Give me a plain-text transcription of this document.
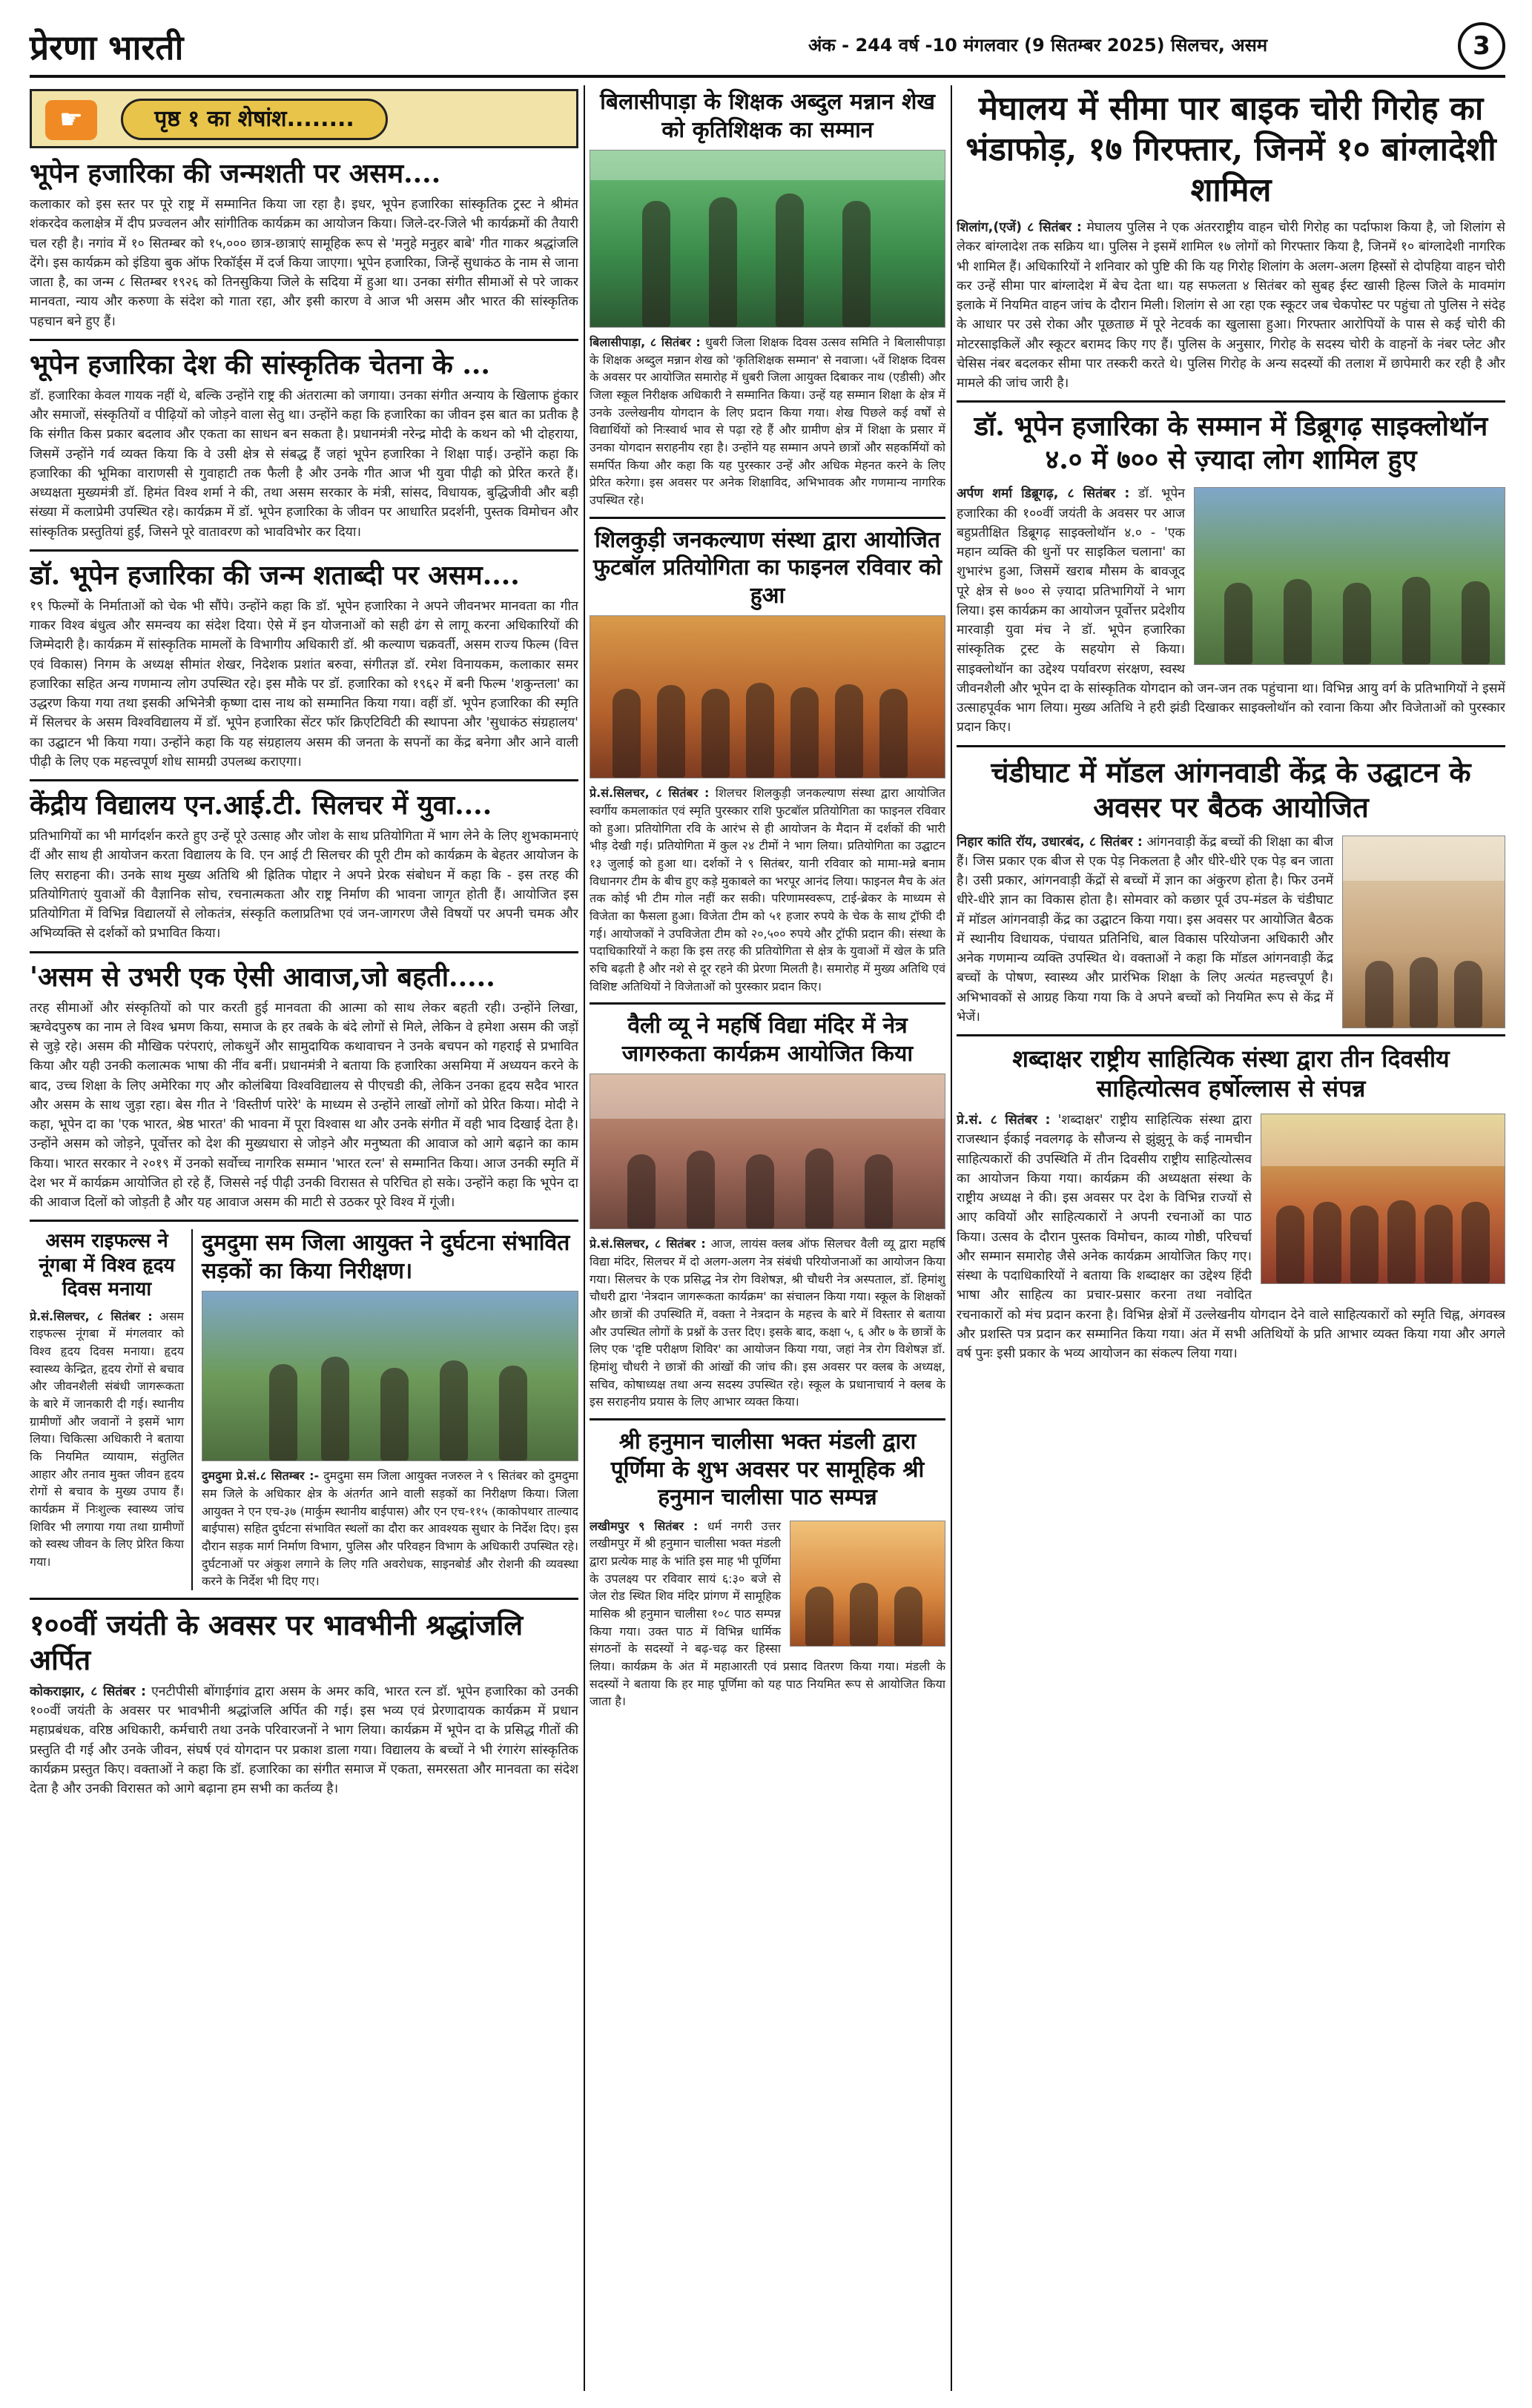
प्रेरणा भारती	अंक - 244 वर्ष -10 मंगलवार (9 सितम्बर 2025) सिलचर, असम	3
☛	पृष्ठ १ का शेषांश........
भूपेन हजारिका की जन्मशती पर असम....

कलाकार को इस स्तर पर पूरे राष्ट्र में सम्मानित किया जा रहा है। इधर, भूपेन हजारिका सांस्कृतिक ट्रस्ट ने श्रीमंत शंकरदेव कलाक्षेत्र में दीप प्रज्वलन और सांगीतिक कार्यक्रम का आयोजन किया। जिले-दर-जिले भी कार्यक्रमों की तैयारी चल रही है। नगांव में १० सितम्बर को १५,००० छात्र-छात्राएं सामूहिक रूप से 'मनुहे मनुहर बाबे' गीत गाकर श्रद्धांजलि देंगे। इस कार्यक्रम को इंडिया बुक ऑफ रिकॉर्ड्स में दर्ज किया जाएगा। भूपेन हजारिका, जिन्हें सुधाकंठ के नाम से जाना जाता है, का जन्म ८ सितम्बर १९२६ को तिनसुकिया जिले के सदिया में हुआ था। उनका संगीत सीमाओं से परे जाकर मानवता, न्याय और करुणा के संदेश को गाता रहा, और इसी कारण वे आज भी असम और भारत की सांस्कृतिक पहचान बने हुए हैं।

भूपेन हजारिका देश की सांस्कृतिक चेतना के ...

डॉ. हजारिका केवल गायक नहीं थे, बल्कि उन्होंने राष्ट्र की अंतरात्मा को जगाया। उनका संगीत अन्याय के खिलाफ हुंकार और समाजों, संस्कृतियों व पीढ़ियों को जोड़ने वाला सेतु था। उन्होंने कहा कि हजारिका का जीवन इस बात का प्रतीक है कि संगीत किस प्रकार बदलाव और एकता का साधन बन सकता है। प्रधानमंत्री नरेन्द्र मोदी के कथन को भी दोहराया, जिसमें उन्होंने गर्व व्यक्त किया कि वे उसी क्षेत्र से संबद्ध हैं जहां भूपेन हजारिका ने शिक्षा पाई। उन्होंने कहा कि हजारिका की भूमिका वाराणसी से गुवाहाटी तक फैली है और उनके गीत आज भी युवा पीढ़ी को प्रेरित करते हैं। अध्यक्षता मुख्यमंत्री डॉ. हिमंत विश्व शर्मा ने की, तथा असम सरकार के मंत्री, सांसद, विधायक, बुद्धिजीवी और बड़ी संख्या में कलाप्रेमी उपस्थित रहे। कार्यक्रम में डॉ. भूपेन हजारिका के जीवन पर आधारित प्रदर्शनी, पुस्तक विमोचन और सांस्कृतिक प्रस्तुतियां हुईं, जिसने पूरे वातावरण को भावविभोर कर दिया।

डॉ. भूपेन हजारिका की जन्म शताब्दी पर असम....

१९ फिल्मों के निर्माताओं को चेक भी सौंपे। उन्होंने कहा कि डॉ. भूपेन हजारिका ने अपने जीवनभर मानवता का गीत गाकर विश्व बंधुत्व और समन्वय का संदेश दिया। ऐसे में इन योजनाओं को सही ढंग से लागू करना अधिकारियों की जिम्मेदारी है। कार्यक्रम में सांस्कृतिक मामलों के विभागीय अधिकारी डॉ. श्री कल्याण चक्रवर्ती, असम राज्य फिल्म (वित्त एवं विकास) निगम के अध्यक्ष सीमांत शेखर, निदेशक प्रशांत बरुवा, संगीतज्ञ डॉ. रमेश विनायकम, कलाकार समर हजारिका सहित अन्य गणमान्य लोग उपस्थित रहे। इस मौके पर डॉ. हजारिका को १९६२ में बनी फिल्म 'शकुन्तला' का उद्धरण किया गया तथा इसकी अभिनेत्री कृष्णा दास नाथ को सम्मानित किया गया। वहीं डॉ. भूपेन हजारिका की स्मृति में सिलचर के असम विश्वविद्यालय में डॉ. भूपेन हजारिका सेंटर फॉर क्रिएटिविटी की स्थापना और 'सुधाकंठ संग्रहालय' का उद्घाटन भी किया गया। उन्होंने कहा कि यह संग्रहालय असम की जनता के सपनों का केंद्र बनेगा और आने वाली पीढ़ी के लिए एक महत्त्वपूर्ण शोध सामग्री उपलब्ध कराएगा।

केंद्रीय विद्यालय एन.आई.टी. सिलचर में युवा....

प्रतिभागियों का भी मार्गदर्शन करते हुए उन्हें पूरे उत्साह और जोश के साथ प्रतियोगिता में भाग लेने के लिए शुभकामनाएं दीं और साथ ही आयोजन करता विद्यालय के वि. एन आई टी सिलचर की पूरी टीम को कार्यक्रम के बेहतर आयोजन के लिए सराहना की। उनके साथ मुख्य अतिथि श्री ह्रितिक पोद्दार ने अपने प्रेरक संबोधन में कहा कि - इस तरह की प्रतियोगिताएं युवाओं की वैज्ञानिक सोच, रचनात्मकता और राष्ट्र निर्माण की भावना जागृत होती हैं। आयोजित इस प्रतियोगिता में विभिन्न विद्यालयों से लोकतंत्र, संस्कृति कलाप्रतिभा एवं जन-जागरण जैसे विषयों पर अपनी चमक और अभिव्यक्ति से दर्शकों को प्रभावित किया।

'असम से उभरी एक ऐसी आवाज,जो बहती.....

तरह सीमाओं और संस्कृतियों को पार करती हुई मानवता की आत्मा को साथ लेकर बहती रही। उन्होंने लिखा, ऋग्वेदपुरुष का नाम ले विश्व भ्रमण किया, समाज के हर तबके के बंदे लोगों से मिले, लेकिन वे हमेशा असम की जड़ों से जुड़े रहे। असम की मौखिक परंपराएं, लोकधुनें और सामुदायिक कथावाचन ने उनके बचपन को गहराई से प्रभावित किया और यही उनकी कलात्मक भाषा की नींव बनीं। प्रधानमंत्री ने बताया कि हजारिका असमिया में अध्ययन करने के बाद, उच्च शिक्षा के लिए अमेरिका गए और कोलंबिया विश्वविद्यालय से पीएचडी की, लेकिन उनका हृदय सदैव भारत और असम के साथ जुड़ा रहा। बेस गीत ने 'विस्तीर्ण पारेरे' के माध्यम से उन्होंने लाखों लोगों को प्रेरित किया। मोदी ने कहा, भूपेन दा का 'एक भारत, श्रेष्ठ भारत' की भावना में पूरा विश्वास था और उनके संगीत में वही भाव दिखाई देता है। उन्होंने असम को जोड़ने, पूर्वोत्तर को देश की मुख्यधारा से जोड़ने और मनुष्यता की आवाज को आगे बढ़ाने का काम किया। भारत सरकार ने २०१९ में उनको सर्वोच्च नागरिक सम्मान 'भारत रत्न' से सम्मानित किया। आज उनकी स्मृति में देश भर में कार्यक्रम आयोजित हो रहे हैं, जिससे नई पीढ़ी उनकी विरासत से परिचित हो सके। उन्होंने कहा कि भूपेन दा की आवाज दिलों को जोड़ती है और यह आवाज असम की माटी से उठकर पूरे विश्व में गूंजी।

असम राइफल्स ने नूंगबा में विश्व हृदय दिवस मनाया

प्रे.सं.सिलचर, ८ सितंबर : असम राइफल्स नूंगबा में मंगलवार को विश्व हृदय दिवस मनाया। हृदय स्वास्थ्य केन्द्रित, हृदय रोगों से बचाव और जीवनशैली संबंधी जागरूकता के बारे में जानकारी दी गई। स्थानीय ग्रामीणों और जवानों ने इसमें भाग लिया। चिकित्सा अधिकारी ने बताया कि नियमित व्यायाम, संतुलित आहार और तनाव मुक्त जीवन हृदय रोगों से बचाव के मुख्य उपाय हैं। कार्यक्रम में निःशुल्क स्वास्थ्य जांच शिविर भी लगाया गया तथा ग्रामीणों को स्वस्थ जीवन के लिए प्रेरित किया गया।

दुमदुमा सम जिला आयुक्त ने दुर्घटना संभावित सड़कों का किया निरीक्षण।

दुमदुमा प्रे.सं.८ सितम्बर :- दुमदुमा सम जिला आयुक्त नजरुल ने ९ सितंबर को दुमदुमा सम जिले के अधिकार क्षेत्र के अंतर्गत आने वाली सड़कों का निरीक्षण किया। जिला आयुक्त ने एन एच-३७ (मार्कुम स्थानीय बाईपास) और एन एच-११५ (काकोपथार ताल्याद बाईपास) सहित दुर्घटना संभावित स्थलों का दौरा कर आवश्यक सुधार के निर्देश दिए। इस दौरान सड़क मार्ग निर्माण विभाग, पुलिस और परिवहन विभाग के अधिकारी उपस्थित रहे। दुर्घटनाओं पर अंकुश लगाने के लिए गति अवरोधक, साइनबोर्ड और रोशनी की व्यवस्था करने के निर्देश भी दिए गए।

१००वीं जयंती के अवसर पर भावभीनी श्रद्धांजलि अर्पित

कोकराझार, ८ सितंबर : एनटीपीसी बोंगाईगांव द्वारा असम के अमर कवि, भारत रत्न डॉ. भूपेन हजारिका को उनकी १००वीं जयंती के अवसर पर भावभीनी श्रद्धांजलि अर्पित की गई। इस भव्य एवं प्रेरणादायक कार्यक्रम में प्रधान महाप्रबंधक, वरिष्ठ अधिकारी, कर्मचारी तथा उनके परिवारजनों ने भाग लिया। कार्यक्रम में भूपेन दा के प्रसिद्ध गीतों की प्रस्तुति दी गई और उनके जीवन, संघर्ष एवं योगदान पर प्रकाश डाला गया। विद्यालय के बच्चों ने भी रंगारंग सांस्कृतिक कार्यक्रम प्रस्तुत किए। वक्ताओं ने कहा कि डॉ. हजारिका का संगीत समाज में एकता, समरसता और मानवता का संदेश देता है और उनकी विरासत को आगे बढ़ाना हम सभी का कर्तव्य है।

बिलासीपाड़ा के शिक्षक अब्दुल मन्नान शेख को कृतिशिक्षक का सम्मान

बिलासीपाड़ा, ८ सितंबर : धुबरी जिला शिक्षक दिवस उत्सव समिति ने बिलासीपाड़ा के शिक्षक अब्दुल मन्नान शेख को 'कृतिशिक्षक सम्मान' से नवाजा। ५वें शिक्षक दिवस के अवसर पर आयोजित समारोह में धुबरी जिला आयुक्त दिबाकर नाथ (एडीसी) और जिला स्कूल निरीक्षक अधिकारी ने सम्मानित किया। उन्हें यह सम्मान शिक्षा के क्षेत्र में उनके उल्लेखनीय योगदान के लिए प्रदान किया गया। शेख पिछले कई वर्षों से विद्यार्थियों को निःस्वार्थ भाव से पढ़ा रहे हैं और ग्रामीण क्षेत्र में शिक्षा के प्रसार में उनका योगदान सराहनीय रहा है। उन्होंने यह सम्मान अपने छात्रों और सहकर्मियों को समर्पित किया और कहा कि यह पुरस्कार उन्हें और अधिक मेहनत करने के लिए प्रेरित करेगा। इस अवसर पर अनेक शिक्षाविद, अभिभावक और गणमान्य नागरिक उपस्थित रहे।

शिलकुड़ी जनकल्याण संस्था द्वारा आयोजित फुटबॉल प्रतियोगिता का फाइनल रविवार को हुआ

प्रे.सं.सिलचर, ८ सितंबर : शिलचर शिलकुड़ी जनकल्याण संस्था द्वारा आयोजित स्वर्गीय कमलाकांत एवं स्मृति पुरस्कार राशि फुटबॉल प्रतियोगिता का फाइनल रविवार को हुआ। प्रतियोगिता रवि के आरंभ से ही आयोजन के मैदान में दर्शकों की भारी भीड़ देखी गई। प्रतियोगिता में कुल २४ टीमों ने भाग लिया। प्रतियोगिता का उद्घाटन १३ जुलाई को हुआ था। दर्शकों ने ९ सितंबर, यानी रविवार को मामा-मन्ने बनाम विधानगर टीम के बीच हुए कड़े मुकाबले का भरपूर आनंद लिया। फाइनल मैच के अंत तक कोई भी टीम गोल नहीं कर सकी। परिणामस्वरूप, टाई-ब्रेकर के माध्यम से विजेता का फैसला हुआ। विजेता टीम को ५१ हजार रुपये के चेक के साथ ट्रॉफी दी गई। आयोजकों ने उपविजेता टीम को २०,५०० रुपये और ट्रॉफी प्रदान की। संस्था के पदाधिकारियों ने कहा कि इस तरह की प्रतियोगिता से क्षेत्र के युवाओं में खेल के प्रति रुचि बढ़ती है और नशे से दूर रहने की प्रेरणा मिलती है। समारोह में मुख्य अतिथि एवं विशिष्ट अतिथियों ने विजेताओं को पुरस्कार प्रदान किए।

वैली व्यू ने महर्षि विद्या मंदिर में नेत्र जागरुकता कार्यक्रम आयोजित किया

प्रे.सं.सिलचर, ८ सितंबर : आज, लायंस क्लब ऑफ सिलचर वैली व्यू द्वारा महर्षि विद्या मंदिर, सिलचर में दो अलग-अलग नेत्र संबंधी परियोजनाओं का आयोजन किया गया। सिलचर के एक प्रसिद्ध नेत्र रोग विशेषज्ञ, श्री चौधरी नेत्र अस्पताल, डॉ. हिमांशु चौधरी द्वारा 'नेत्रदान जागरूकता कार्यक्रम' का संचालन किया गया। स्कूल के शिक्षकों और छात्रों की उपस्थिति में, वक्ता ने नेत्रदान के महत्त्व के बारे में विस्तार से बताया और उपस्थित लोगों के प्रश्नों के उत्तर दिए। इसके बाद, कक्षा ५, ६ और ७ के छात्रों के लिए एक 'दृष्टि परीक्षण शिविर' का आयोजन किया गया, जहां नेत्र रोग विशेषज्ञ डॉ. हिमांशु चौधरी ने छात्रों की आंखों की जांच की। इस अवसर पर क्लब के अध्यक्ष, सचिव, कोषाध्यक्ष तथा अन्य सदस्य उपस्थित रहे। स्कूल के प्रधानाचार्य ने क्लब के इस सराहनीय प्रयास के लिए आभार व्यक्त किया।

श्री हनुमान चालीसा भक्त मंडली द्वारा पूर्णिमा के शुभ अवसर पर सामूहिक श्री हनुमान चालीसा पाठ सम्पन्न

लखीमपुर ९ सितंबर : धर्म नगरी उत्तर लखीमपुर में श्री हनुमान चालीसा भक्त मंडली द्वारा प्रत्येक माह के भांति इस माह भी पूर्णिमा के उपलक्ष्य पर रविवार सायं ६:३० बजे से जेल रोड स्थित शिव मंदिर प्रांगण में सामूहिक मासिक श्री हनुमान चालीसा १०८ पाठ सम्पन्न किया गया। उक्त पाठ में विभिन्न धार्मिक संगठनों के सदस्यों ने बढ़-चढ़ कर हिस्सा लिया। कार्यक्रम के अंत में महाआरती एवं प्रसाद वितरण किया गया। मंडली के सदस्यों ने बताया कि हर माह पूर्णिमा को यह पाठ नियमित रूप से आयोजित किया जाता है।

मेघालय में सीमा पार बाइक चोरी गिरोह का भंडाफोड़, १७ गिरफ्तार, जिनमें १० बांग्लादेशी शामिल

शिलांग,(एजें) ८ सितंबर : मेघालय पुलिस ने एक अंतरराष्ट्रीय वाहन चोरी गिरोह का पर्दाफाश किया है, जो शिलांग से लेकर बांग्लादेश तक सक्रिय था। पुलिस ने इसमें शामिल १७ लोगों को गिरफ्तार किया है, जिनमें १० बांग्लादेशी नागरिक भी शामिल हैं। अधिकारियों ने शनिवार को पुष्टि की कि यह गिरोह शिलांग के अलग-अलग हिस्सों से दोपहिया वाहन चोरी कर उन्हें सीमा पार बांग्लादेश में बेच देता था। यह सफलता ४ सितंबर को सुबह ईस्ट खासी हिल्स जिले के मावमांग इलाके में नियमित वाहन जांच के दौरान मिली। शिलांग से आ रहा एक स्कूटर जब चेकपोस्ट पर पहुंचा तो पुलिस ने संदेह के आधार पर उसे रोका और पूछताछ में पूरे नेटवर्क का खुलासा हुआ। गिरफ्तार आरोपियों के पास से कई चोरी की मोटरसाइकिलें और स्कूटर बरामद किए गए हैं। पुलिस के अनुसार, गिरोह के सदस्य चोरी के वाहनों के नंबर प्लेट और चेसिस नंबर बदलकर सीमा पार तस्करी करते थे। पुलिस गिरोह के अन्य सदस्यों की तलाश में छापेमारी कर रही है और मामले की जांच जारी है।

डॉ. भूपेन हजारिका के सम्मान में डिब्रूगढ़ साइक्लोथॉन ४.० में ७०० से ज़्यादा लोग शामिल हुए

अर्पण शर्मा डिब्रूगढ़, ८ सितंबर : डॉ. भूपेन हजारिका की १००वीं जयंती के अवसर पर आज बहुप्रतीक्षित डिब्रूगढ़ साइक्लोथॉन ४.० - 'एक महान व्यक्ति की धुनों पर साइकिल चलाना' का शुभारंभ हुआ, जिसमें खराब मौसम के बावजूद पूरे क्षेत्र से ७०० से ज़्यादा प्रतिभागियों ने भाग लिया। इस कार्यक्रम का आयोजन पूर्वोत्तर प्रदेशीय मारवाड़ी युवा मंच ने डॉ. भूपेन हजारिका सांस्कृतिक ट्रस्ट के सहयोग से किया। साइक्लोथॉन का उद्देश्य पर्यावरण संरक्षण, स्वस्थ जीवनशैली और भूपेन दा के सांस्कृतिक योगदान को जन-जन तक पहुंचाना था। विभिन्न आयु वर्ग के प्रतिभागियों ने इसमें उत्साहपूर्वक भाग लिया। मुख्य अतिथि ने हरी झंडी दिखाकर साइक्लोथॉन को रवाना किया और विजेताओं को पुरस्कार प्रदान किए।

चंडीघाट में मॉडल आंगनवाडी केंद्र के उद्घाटन के अवसर पर बैठक आयोजित

निहार कांति रॉय, उधारबंद, ८ सितंबर : आंगनवाड़ी केंद्र बच्चों की शिक्षा का बीज हैं। जिस प्रकार एक बीज से एक पेड़ निकलता है और धीरे-धीरे एक पेड़ बन जाता है। उसी प्रकार, आंगनवाड़ी केंद्रों से बच्चों में ज्ञान का अंकुरण होता है। फिर उनमें धीरे-धीरे ज्ञान का विकास होता है। सोमवार को कछार पूर्व उप-मंडल के चंडीघाट में मॉडल आंगनवाड़ी केंद्र का उद्घाटन किया गया। इस अवसर पर आयोजित बैठक में स्थानीय विधायक, पंचायत प्रतिनिधि, बाल विकास परियोजना अधिकारी और अनेक गणमान्य व्यक्ति उपस्थित थे। वक्ताओं ने कहा कि मॉडल आंगनवाड़ी केंद्र बच्चों के पोषण, स्वास्थ्य और प्रारंभिक शिक्षा के लिए अत्यंत महत्त्वपूर्ण है। अभिभावकों से आग्रह किया गया कि वे अपने बच्चों को नियमित रूप से केंद्र में भेजें।

शब्दाक्षर राष्ट्रीय साहित्यिक संस्था द्वारा तीन दिवसीय साहित्योत्सव हर्षोल्लास से संपन्न

प्रे.सं. ८ सितंबर : 'शब्दाक्षर' राष्ट्रीय साहित्यिक संस्था द्वारा राजस्थान ईकाई नवलगढ़ के सौजन्य से झुंझुनू के कई नामचीन साहित्यकारों की उपस्थिति में तीन दिवसीय राष्ट्रीय साहित्योत्सव का आयोजन किया गया। कार्यक्रम की अध्यक्षता संस्था के राष्ट्रीय अध्यक्ष ने की। इस अवसर पर देश के विभिन्न राज्यों से आए कवियों और साहित्यकारों ने अपनी रचनाओं का पाठ किया। उत्सव के दौरान पुस्तक विमोचन, काव्य गोष्ठी, परिचर्चा और सम्मान समारोह जैसे अनेक कार्यक्रम आयोजित किए गए। संस्था के पदाधिकारियों ने बताया कि शब्दाक्षर का उद्देश्य हिंदी भाषा और साहित्य का प्रचार-प्रसार करना तथा नवोदित रचनाकारों को मंच प्रदान करना है। विभिन्न क्षेत्रों में उल्लेखनीय योगदान देने वाले साहित्यकारों को स्मृति चिह्न, अंगवस्त्र और प्रशस्ति पत्र प्रदान कर सम्मानित किया गया। अंत में सभी अतिथियों के प्रति आभार व्यक्त किया गया और अगले वर्ष पुनः इसी प्रकार के भव्य आयोजन का संकल्प लिया गया।
